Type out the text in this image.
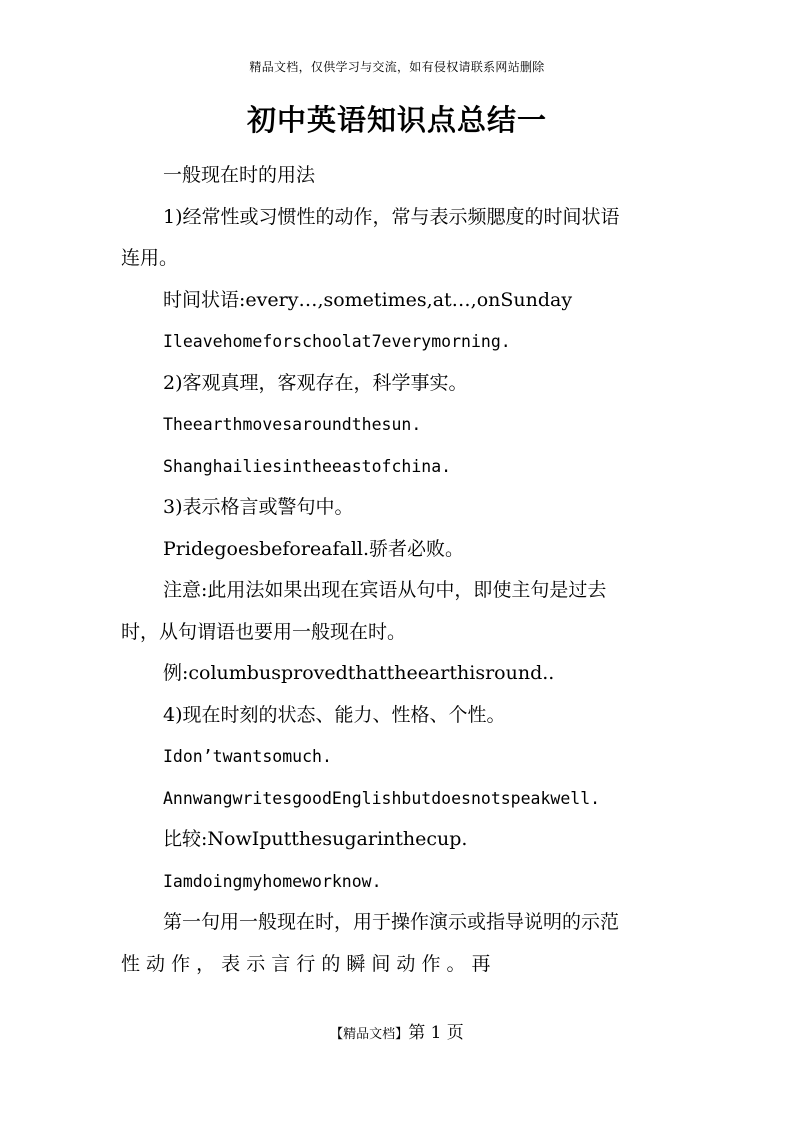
精品文档，仅供学习与交流，如有侵权请联系网站删除
初中英语知识点总结一
一般现在时的用法
1)经常性或习惯性的动作，常与表示频腮度的时间状语
连用。
时间状语:every…,sometimes,at…,onSunday
Ileavehomeforschoolat7everymorning.
2)客观真理，客观存在，科学事实。
Theearthmovesaroundthesun.
Shanghailiesintheeastofchina.
3)表示格言或警句中。
Pridegoesbeforeafall.骄者必败。
注意:此用法如果出现在宾语从句中，即使主句是过去
时，从句谓语也要用一般现在时。
例:columbusprovedthattheearthisround..
4)现在时刻的状态、能力、性格、个性。
Idon’twantsomuch.
AnnwangwritesgoodEnglishbutdoesnotspeakwell.
比较:NowIputthesugarinthecup.
Iamdoingmyhomeworknow.
第一句用一般现在时，用于操作演示或指导说明的示范
性 动 作 ， 表 示 言 行 的 瞬 间 动 作 。 再
【精品文档】第 1 页
